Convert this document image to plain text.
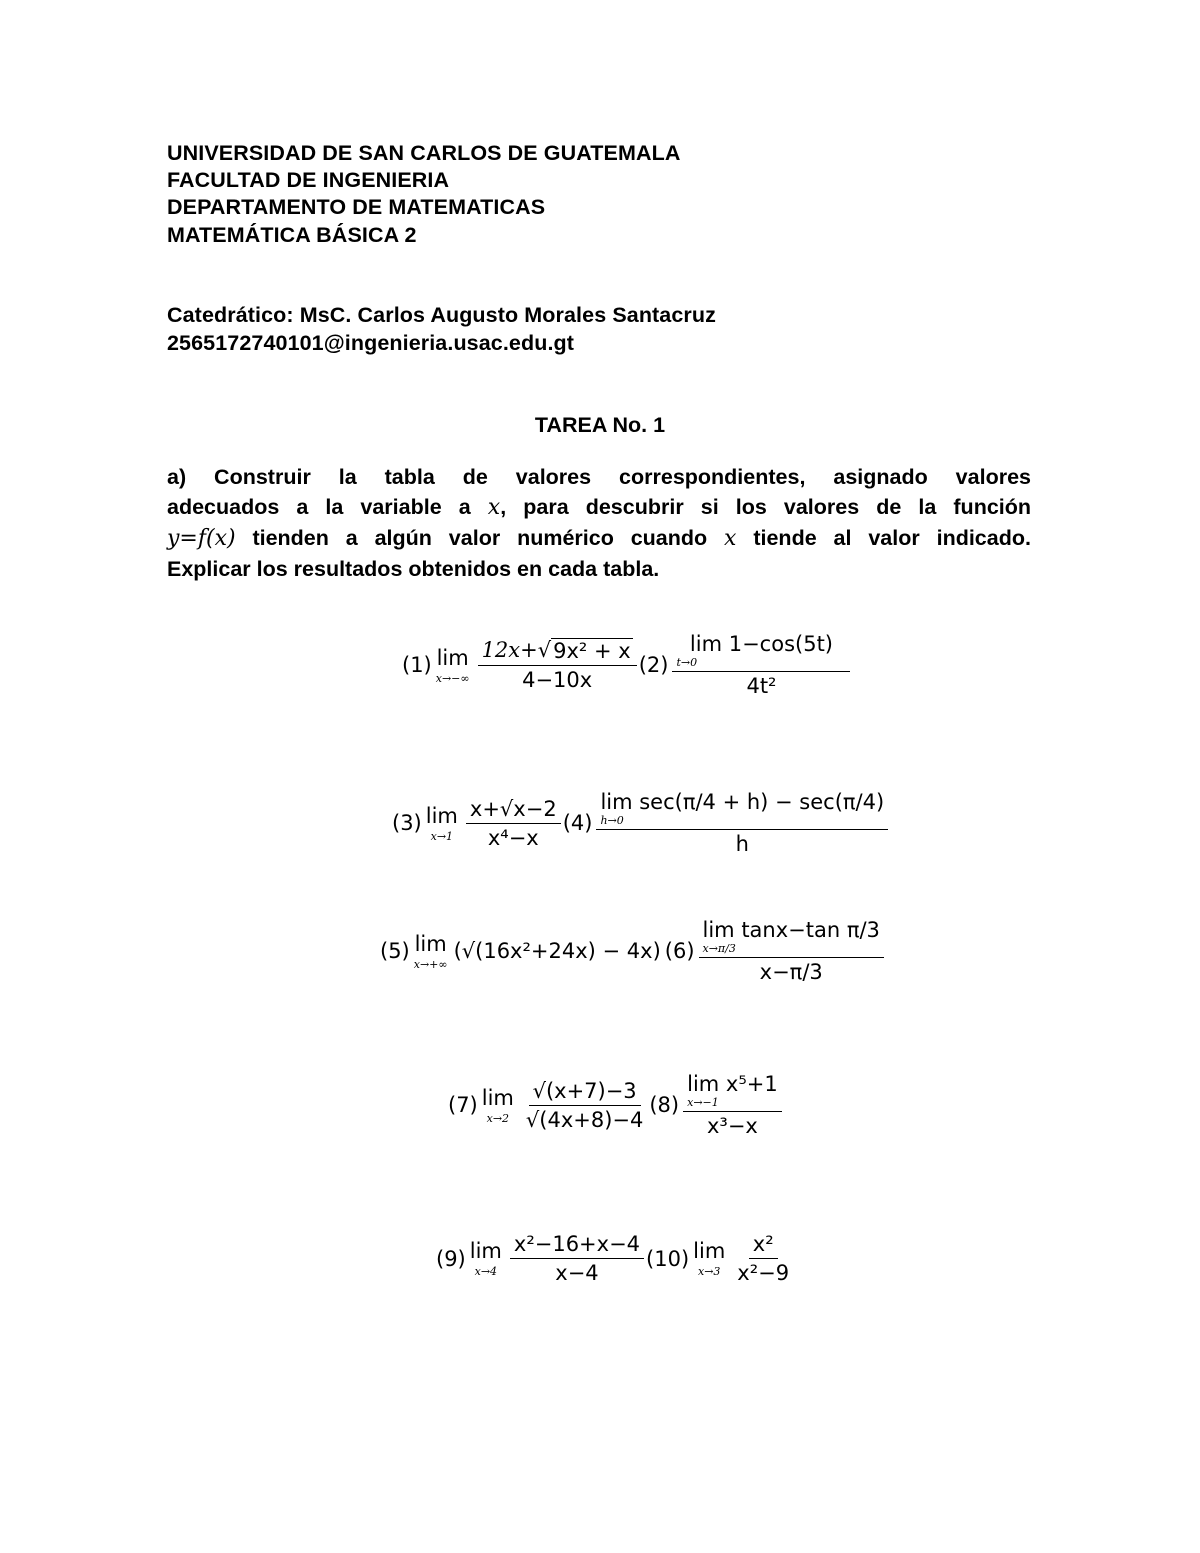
UNIVERSIDAD DE SAN CARLOS DE GUATEMALA
FACULTAD DE INGENIERIA
DEPARTAMENTO DE MATEMATICAS
MATEMÁTICA BÁSICA 2
Catedrático: MsC. Carlos Augusto Morales Santacruz
2565172740101@ingenieria.usac.edu.gt
TAREA No. 1
a) Construir la tabla de valores correspondientes, asignado valores
adecuados a la variable a x, para descubrir si los valores de la función
y=f(x) tienden a algún valor numérico cuando x tiende al valor indicado.
Explicar los resultados obtenidos en cada tabla.
(1) lim
$x\to-\infty \frac{\text{12x+ √ 9x² + x}}{4-10x} (2)$ lim 1−cos(5t)
t→0
4t²
(3) lim
$x\to 1 \frac{x+√x-2}{\text{x⁴−x}} (4)$ lim sec(π/4 + h) − sec(π/4)
h→0
h
(5) lim
x→+∞
(√(16x²+24x) − 4x) (6) lim tanx−tan π/3
x→π/3
x−π/3
(7) lim
$x\to 2 \frac{√(x+7)-3}{√(4x+8)-4} (8)$ lim x⁵+1
x→−1
x³−x
(9) lim
$x\to 4 \frac{\text{x²−16+x−4}}{x-4} (10)$ lim
$x\to 3 \frac{\text{x²}}{\text{x²−9}}$
